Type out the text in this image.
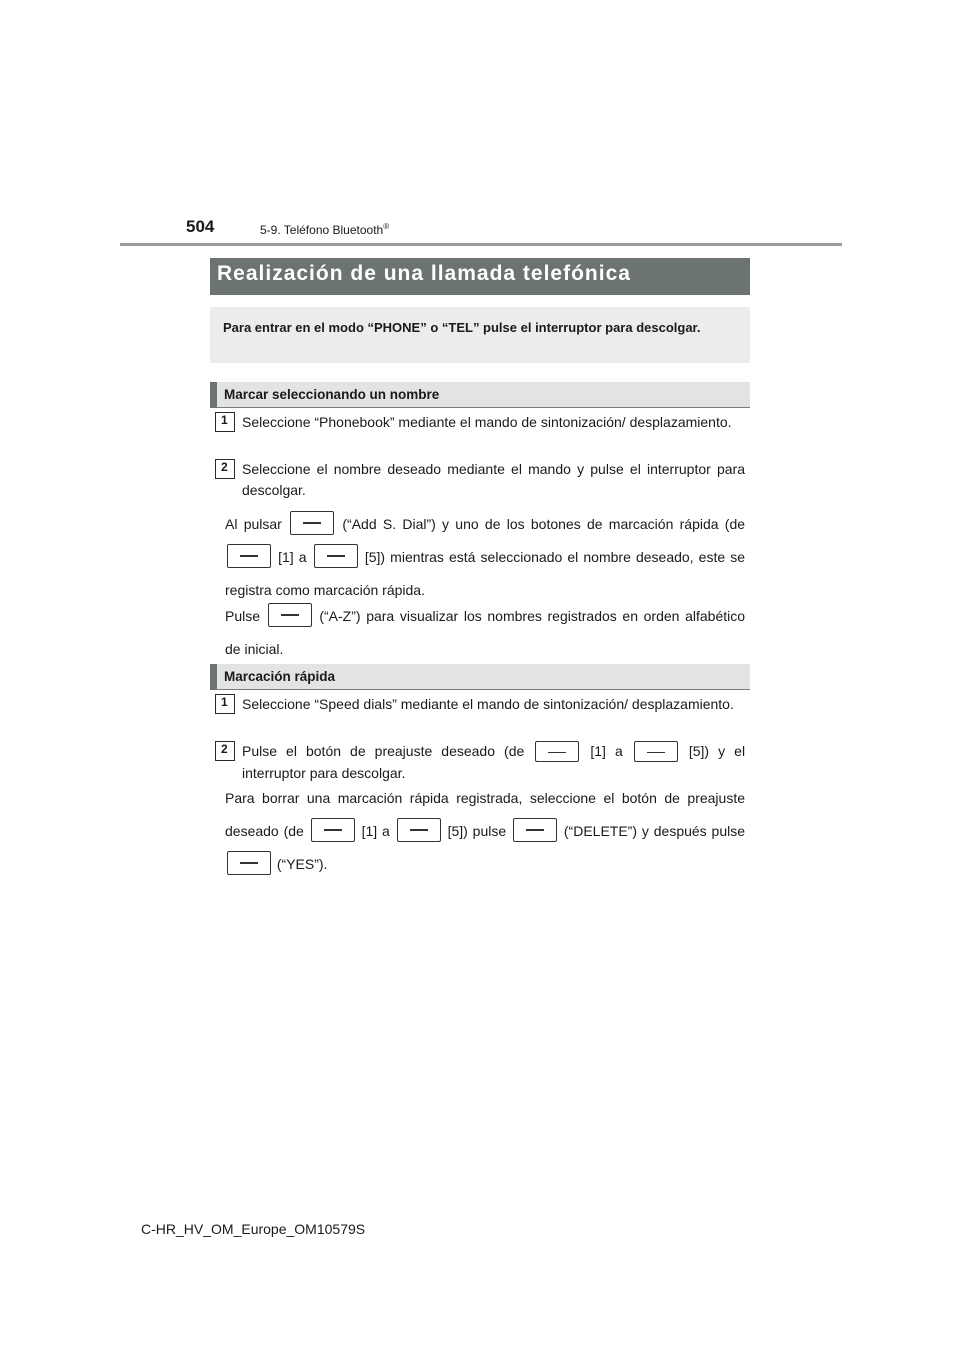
504	5-9. Teléfono Bluetooth®
Realización de una llamada telefónica
Para entrar en el modo “PHONE” o “TEL” pulse el interruptor para descolgar.
Marcar seleccionando un nombre
1	Seleccione “Phonebook” mediante el mando de sintonización/ desplazamiento.
2	Seleccione el nombre deseado mediante el mando y pulse el interruptor para descolgar.
Al pulsar	(“Add S. Dial”) y uno de los botones de marcación rápida (de  [1] a	[5]) mientras está seleccionado el nombre deseado, este se registra como marcación rápida.
Pulse	(“A-Z”) para visualizar los nombres registrados en orden alfabético de inicial.
Marcación rápida
1	Seleccione “Speed dials” mediante el mando de sintonización/ desplazamiento.
2	Pulse el botón de preajuste deseado (de	[1] a	[5]) y el interruptor para descolgar.
Para borrar una marcación rápida registrada, seleccione el botón de preajuste deseado (de	[1] a	[5]) pulse	(“DELETE”) y después pulse  (“YES”).
C-HR_HV_OM_Europe_OM10579S
